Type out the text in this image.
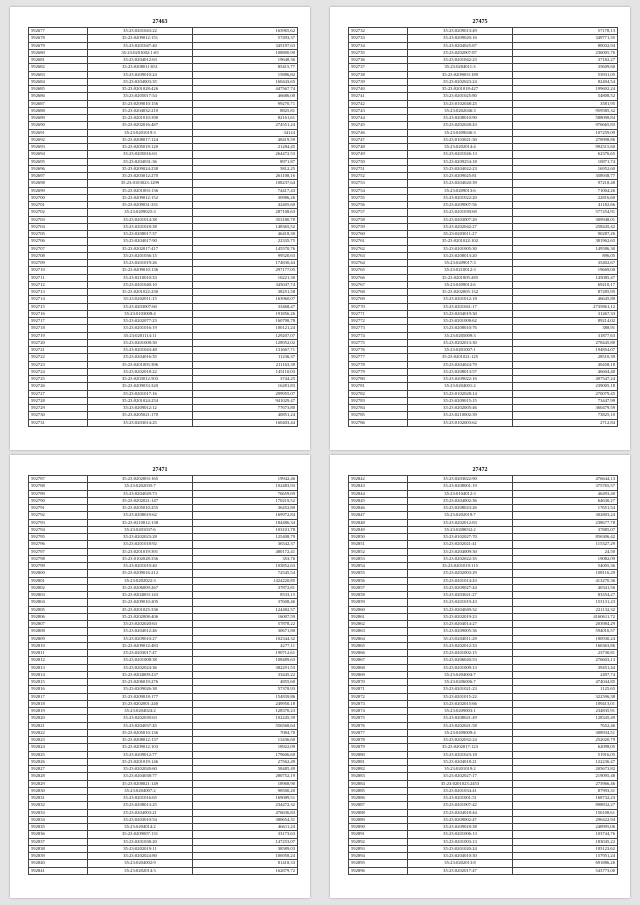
27463
592677	35:23:0201043:22	163965,62
592678	35:23:0209012:151	57493,37
592679	35:23:0201047:40	345197,63
592680	35:23:0201002:1:65	108800,90
592681	35:23:0204012:63	19648,36
592682	35:23:0208011:651	85415,77
592683	35:23:0209010:24	15886,82
592684	35:23:0204003:35	160443,65
592685	35:23:0201028:426	447567,74
592686	35:23:0205017:54	46686,00
592687	35:23:0209010:156	99270,71
592688	35:23:0204032:210	8825,81
592689	35:23:0201010:390	82161,61
592690	35:23:0202016:487	274551,24
592691	35:23:0201019:3	34124
592692	35:23:0208017:124	48419,59
592693	35:23:0205019:120	21284,45
592694	35:23:0205016:63	264472,53
592695	35:23:0204031:36	8971,87
592696	35:23:0209024:238	5812,25
592697	35:23:0203012:270	261108,16
592698	35:23:0103023:1299	108237,64
592699	35:23:0201003:136	74417,43
592700	35:23:0209012:152	30986,26
592701	35:23:0209031:331	42405,60
592702	35:23:0209025:3	287108,63
592703	35:23:0201014:38	353180,70
592704	35:23:0201018:38	148365,52
592705	35:23:0208017:37	46418,30
592706	35:23:0204017:90	22335,75
592707	35:23:0202017:417	145570,76
592708	35:23:0201036:15	99520,63
592709	35:23:0201019:26	174830,44
592710	35:23:0209010:136	297177,05
592711	35:23:0210010:33	16221,30
592712	35:23:0201040:10	345047,74
592713	35:23:0201022:230	38251,58
592714	35:23:0202011:15	163960,07
592715	35:23:0203007:60	33468,47
592716	35:23:0103008:4	191856,26
592717	35:23:0202077:23	160798,78
592718	35:23:0201016:19	100121,24
592719	35:23:0201114:11	129207,07
592720	35:23:0201008:30	128952,02
592721	35:23:0201043:48	131667,71
592722	35:23:0204016:35	11236,37
592723	35:23:0201005:396	211163,39
592724	35:23:0202018:22	145110,03
592725	35:23:0203012:503	3744,25
592726	35:23:0209033:320	16281,83
592727	35:23:0201017:16	299955,07
592728	35:23:0201024:254	941029,47
592729	35:23:0209012:12	77673,80
592730	35:23:0205021:170	40851,24
592731	35:23:0203014:25	160403,44
27475
592732	35:23:0209013:49	57178,13
592733	35:23:0209020:16	349771,35
592734	35:23:0204025:87	80032,94
592735	35:23:0202007:87	236005,76
592736	35:23:0201042:23	37182,27
592737	35:23:0204011:3	35609,60
592738	35:23:0209003:189	53931,05
592739	35:23:0202023:24	82404,54
592740	35:23:0201018:427	199692,24
592741	35:23:0201025:80	54808,52
592742	35:23:0102048:25	3581,95
592743	35:23:0202046:3	959585,32
592744	35:23:0208010:90	588098,84
592745	35:23:0202028:43	976665,83
592746	35:23:0209046:3	107259,09
592747	35:23:0103021:30	278998,86
592748	35:23:0202014:4	992515,60
592749	35:23:0201026:13	62376,65
592750	35:23:0209254:18	10871,74
592751	35:23:0204022:23	16952,60
592752	35:23:0209025:81	358938,77
592753	35:23:0204020:39	97218,48
592754	35:23:0209013:6	71004,26
592755	35:23:0201022:20	22816,60
592756	35:23:0209007:56	41182,66
592757	35:23:0201039:69	577254,91
592758	35:23:0203007:20	309948,01
592759	35:23:0202042:27	258445,42
592760	35:23:0203011:27	90287,26
592761	35:23:0201022:102	381962,65
592762	35:23:0201005:30	149586,30
592763	35:23:0208013:20	896,05
592764	35:23:0209017:3	35402,67
592765	35:23:0210012:3	19669,00
592766	35:23:0201005:285	145085,47
592767	35:23:0209012:6	69210,17
592768	35:23:0202005:132	87285,95
592769	35:23:0201012:18	46645,80
592770	35:23:0201041:17	2735861,12
592771	35:23:0204019:30	31267,33
592772	35:23:0201008:62	89214,02
592773	35:23:0208010:76	388,91
592774	35:23:0205009:3	31877,63
592775	35:23:0202013:30	278445,80
592776	35:23:0201007:1	194854,07
592777	35:23:0201021:125	28510,39
592778	35:23:0204024:79	40458,18
592779	35:23:0208013:57	46604,40
592780	35:23:0209022:16	497547,24
592781	35:23:0204001:2	239005,18
592782	35:23:0102028:14	270079,45
592783	35:23:0209015:15	73447,99
592784	35:23:0202005:46	360479,59
592785	35:23:0210002:39	73825,10
592786	35:23:0102003:62	2712,84
27471
592787	35:23:0202003:165	19942,46
592788	35:23:0202035:7	102483,93
592789	35:23:0204029:73	76659,69
592790	35:23:0202021:147	170219,52
592791	35:23:0205010:255	36452,80
592792	35:23:0208019:62	169972,84
592793	35:23:0210012:138	184486,34
592794	35:23:0201037:6	103101,78
592795	35:23:0202023:28	125408,79
592796	35:23:0201018:92	36542,37
592797	35:23:0201019:391	480172,41
592798	35:23:0102028:336	353,76
592799	35:23:0201019:40	103852,63
592800	35:23:0209016:212	72545,54
592801	35:23:0202022:3	1424220,85
592802	35:23:0206009:267	37872,81
592803	35:23:0204003:143	8533,15
592804	35:23:0209010:205	37608,46
592805	35:23:0201025:336	124482,57
592806	35:23:0202008:406	16007,59
592807	35:23:0202020:63	57878,22
592808	35:23:0204012:46	30671,80
592809	35:23:0209010:27	102344,32
592810	35:23:0209012:483	4277,11
592811	35:23:0203017:47	190712,61
592812	35:23:0201008:38	108489,63
592813	35:23:0202024:36	382291,53
592814	35:23:0204009:237	33445,22
592815	35:23:0206019:276	4855,60
592816	35:23:0209026:38	57378,93
592817	35:23:0209018:177	154839,86
592818	35:23:0202001:240	249950,18
592819	35:23:0204024:2	128370,23
592820	35:23:0202039:63	102245,39
592821	35:23:0204037:45	556568,64
592822	35:23:0205010:136	7084,70
592823	35:23:0208012:137	13436,60
592824	35:23:0209012:103	18922,09
592825	35:23:0209012:77	179606,60
592826	35:23:0201019:146	27562,49
592827	35:23:0202020:60	58485,49
592828	35:23:0204038:77	280752,19
592829	35:23:0208021:149	18968,90
592830	35:23:0204007:2	98500,20
592831	35:23:0201016:65	169089,51
592832	35:23:0208013:25	234472,32
592833	35:23:0204003:21	476636,83
592834	35:23:0203010:54	380654,31
592835	35:23:0204014:2	46611,24
592836	35:23:0209007:131	33173,63
592837	35:23:0201038:20	147253,07
592838	35:23:0202019:11	38589,03
592839	35:23:0202024:80	106958,24
592840	35:23:0204002:9	81418,33
592841	35:23:0202014:3	162879,72
27472
592842	35:23:0203022:90	476644,13
592843	35:23:0208001:19	375765,57
592844	35:23:0104012:3	46493,40
592845	35:23:0204002:36	64630,27
592846	35:23:0208023:26	17651,54
592847	35:23:0202019:7	302803,24
592848	35:23:0202012:83	238677,78
592849	35:23:0208032:2	37885,07
592850	35:23:0102027:70	856306,42
592851	35:23:0202021:41	115327,29
592852	35:23:0204009:30	24,50
592853	35:23:0202022:35	19082,09
592854	35:23:0201019:115	54005,36
592855	35:23:0202003:29	108116,29
592856	35:23:0201014:43	413270,36
592857	35:23:0209027:44	40341,56
592858	35:23:0203021:27	83354,27
592859	35:23:0201019:43	153131,23
592860	35:23:0204049:32	221132,32
592861	35:23:0202019:23	4160611,72
592862	35:23:0204014:27	203984,29
592863	35:23:0209005:36	594016,57
592864	35:23:0204011:28	180930,24
592865	35:23:0202012:33	166363,86
592866	35:23:0201002:15	23730,81
592867	35:23:0206020:53	276603,13
592868	35:23:0201009:13	39451,44
592869	35:23:0204004:7	2497,74
592870	35:23:0206006:7	474044,85
592871	35:23:0201021:23	1125,65
592872	35:23:0201015:22	322596,38
592873	35:23:0202015:66	109413,01
592874	35:23:0209003:1	234835,91
592875	35:23:0208021:49	128345,49
592876	35:23:0202021:58	7652,46
592877	35:23:0209009:4	308934,51
592878	35:23:0202032:24	252020,79
592879	35:23:0202017:123	62098,05
592880	35:23:0201023:18	51916,05
592881	35:23:0204018:21	122236,47
592882	35:23:0201019:2	205673,82
592883	35:23:0202027:17	219095,48
592884	35:23:0201023:2453	273966,46
592885	35:23:0201034:41	87993,31
592886	35:23:0201001:51	168732,23
592887	35:23:0201007:42	898832,27
592888	35:23:0204018:44	156108,61
592889	35:23:0209002:47	296422,94
592890	35:23:0209018:38	248995,06
592891	35:23:0201006:13	103744,76
592892	35:23:0201003:13	183045,22
592893	35:23:0201020:24	105123,62
592894	35:23:0204010:30	157951,24
592895	35:23:0202013:8	691886,26
592896	35:23:0202017:47	543773,00
